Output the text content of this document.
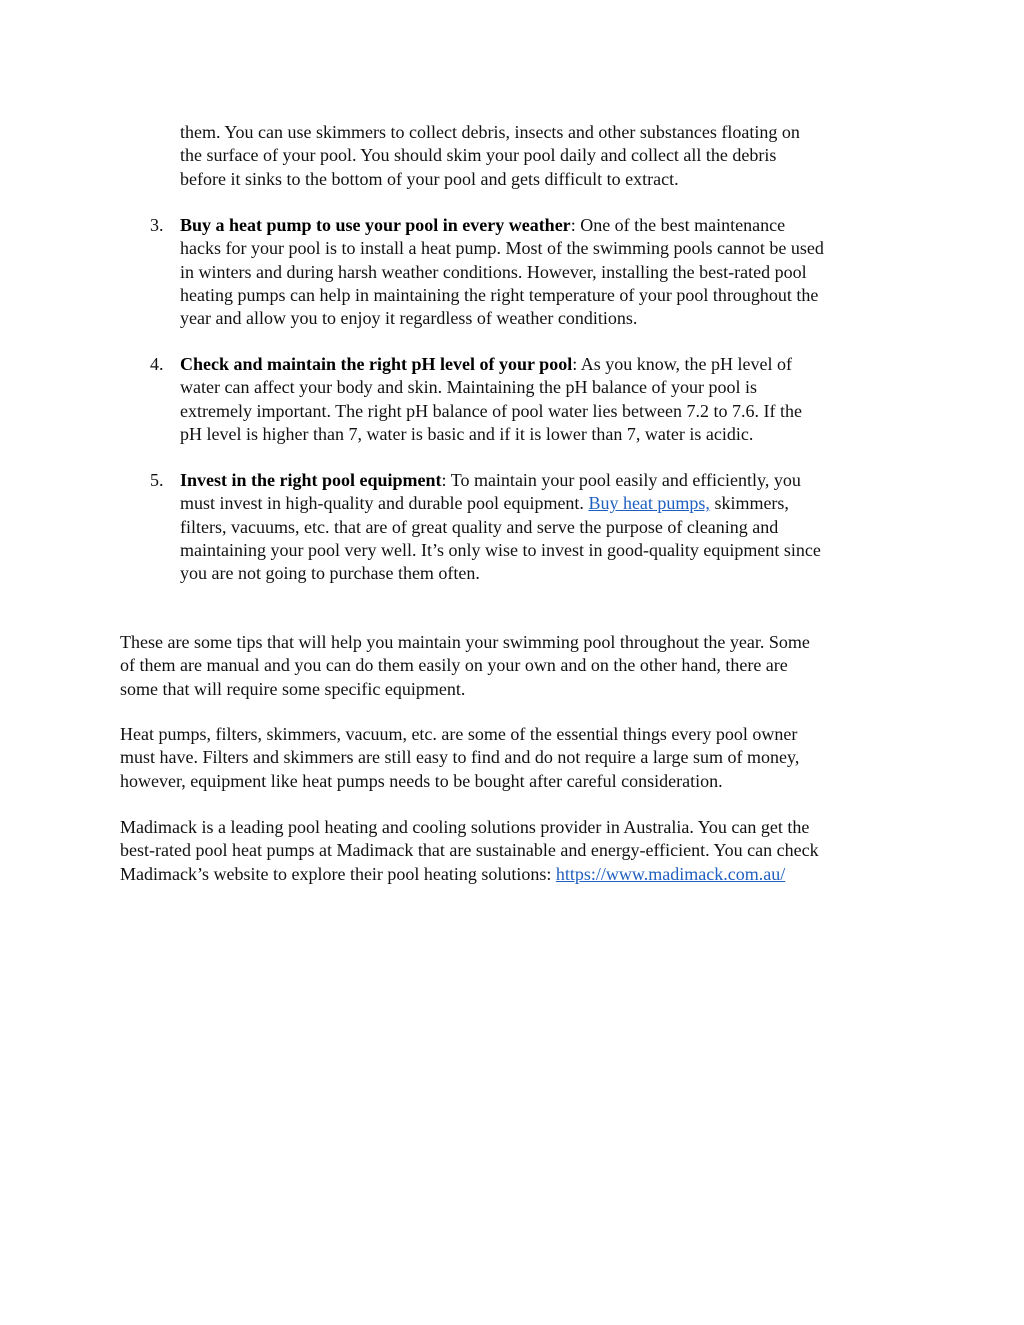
them. You can use skimmers to collect debris, insects and other substances floating on
the surface of your pool. You should skim your pool daily and collect all the debris
before it sinks to the bottom of your pool and gets difficult to extract.

3. Buy a heat pump to use your pool in every weather: One of the best maintenance
hacks for your pool is to install a heat pump. Most of the swimming pools cannot be used
in winters and during harsh weather conditions. However, installing the best-rated pool
heating pumps can help in maintaining the right temperature of your pool throughout the
year and allow you to enjoy it regardless of weather conditions.
4. Check and maintain the right pH level of your pool: As you know, the pH level of
water can affect your body and skin. Maintaining the pH balance of your pool is
extremely important. The right pH balance of pool water lies between 7.2 to 7.6. If the
pH level is higher than 7, water is basic and if it is lower than 7, water is acidic.
5. Invest in the right pool equipment: To maintain your pool easily and efficiently, you
must invest in high-quality and durable pool equipment. Buy heat pumps, skimmers,
filters, vacuums, etc. that are of great quality and serve the purpose of cleaning and
maintaining your pool very well. It’s only wise to invest in good-quality equipment since
you are not going to purchase them often.

These are some tips that will help you maintain your swimming pool throughout the year. Some
of them are manual and you can do them easily on your own and on the other hand, there are
some that will require some specific equipment.

Heat pumps, filters, skimmers, vacuum, etc. are some of the essential things every pool owner
must have. Filters and skimmers are still easy to find and do not require a large sum of money,
however, equipment like heat pumps needs to be bought after careful consideration.

Madimack is a leading pool heating and cooling solutions provider in Australia. You can get the
best-rated pool heat pumps at Madimack that are sustainable and energy-efficient. You can check
Madimack’s website to explore their pool heating solutions: https://www.madimack.com.au/
